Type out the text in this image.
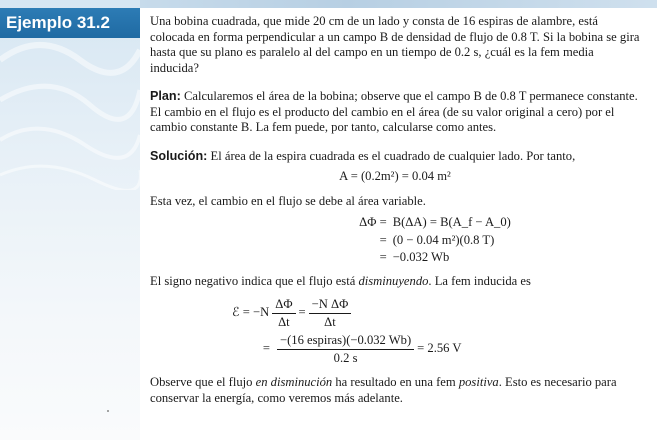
Ejemplo 31.2	Una bobina cuadrada, que mide 20 cm de un lado y consta de 16 espiras de alambre, está colocada en forma perpendicular a un campo B de densidad de flujo de 0.8 T. Si la bobina se gira hasta que su plano es paralelo al del campo en un tiempo de 0.2 s, ¿cuál es la fem media inducida?

Plan: Calcularemos el área de la bobina; observe que el campo B de 0.8 T permanece constante. El cambio en el flujo es el producto del cambio en el área (de su valor original a cero) por el cambio constante B. La fem puede, por tanto, calcularse como antes.

Solución: El área de la espira cuadrada es el cuadrado de cualquier lado. Por tanto,

A = (0.2m²) = 0.04 m²

Esta vez, el cambio en el flujo se debe al área variable.

ΔΦ = B(ΔA) = B(A_f − A_0)
= (0 − 0.04 m²)(0.8 T)
= −0.032 Wb

El signo negativo indica que el flujo está disminuyendo. La fem inducida es

ℰ = $-N \frac{\Delta\Phi}{\Delta t} = \frac{\text{−N ΔΦ}}{\Delta t}$
= $\frac{\text{−(16 espiras)(−0.032 Wb)}}{0.2 s} = 2.56$ V

Observe que el flujo en disminución ha resultado en una fem positiva. Esto es necesario para conservar la energía, como veremos más adelante.
